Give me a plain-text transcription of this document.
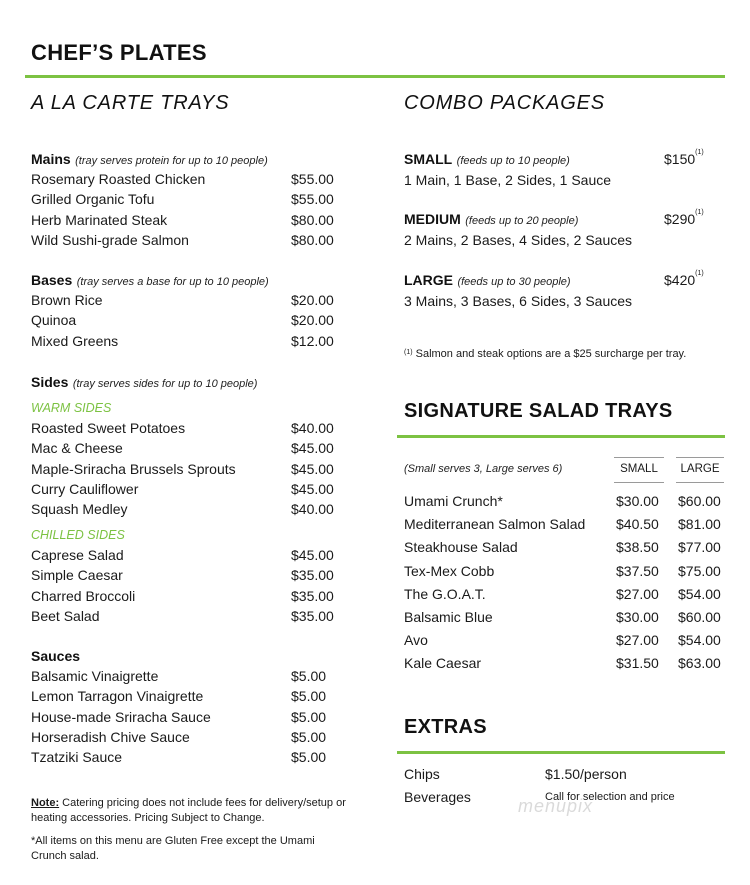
CHEF’S PLATES
A LA CARTE TRAYS
Mains (tray serves protein for up to 10 people)
Rosemary Roasted Chicken	$55.00
Grilled Organic Tofu	$55.00
Herb Marinated Steak	$80.00
Wild Sushi-grade Salmon	$80.00
Bases (tray serves a base for up to 10 people)
Brown Rice	$20.00
Quinoa	$20.00
Mixed Greens	$12.00
Sides (tray serves sides for up to 10 people)
WARM SIDES
Roasted Sweet Potatoes	$40.00
Mac & Cheese	$45.00
Maple-Sriracha Brussels Sprouts	$45.00
Curry Cauliflower	$45.00
Squash Medley	$40.00
CHILLED SIDES
Caprese Salad	$45.00
Simple Caesar	$35.00
Charred Broccoli	$35.00
Beet Salad	$35.00
Sauces
Balsamic Vinaigrette	$5.00
Lemon Tarragon Vinaigrette	$5.00
House-made Sriracha Sauce	$5.00
Horseradish Chive Sauce	$5.00
Tzatziki Sauce	$5.00
Note: Catering pricing does not include fees for delivery/setup or heating accessories. Pricing Subject to Change.
*All items on this menu are Gluten Free except the Umami Crunch salad.
COMBO PACKAGES
SMALL (feeds up to 10 people)	$150$^{(1)}$
1 Main, 1 Base, 2 Sides, 1 Sauce
MEDIUM (feeds up to 20 people)	$290$^{(1)}$
2 Mains, 2 Bases, 4 Sides, 2 Sauces
LARGE (feeds up to 30 people)	$420$^{(1)}$
3 Mains, 3 Bases, 6 Sides, 3 Sauces
$^{(1)}$ Salmon and steak options are a $25 surcharge per tray.
SIGNATURE SALAD TRAYS
(Small serves 3, Large serves 6)	SMALL	LARGE
Umami Crunch*	$30.00 $60.00
Mediterranean Salmon Salad $40.50 $81.00
Steakhouse Salad	$38.50 $77.00
Tex-Mex Cobb	$37.50 $75.00
The G.O.A.T.	$27.00 $54.00
Balsamic Blue	$30.00 $60.00
Avo	$27.00 $54.00
Kale Caesar	$31.50 $63.00
EXTRAS
Chips	$1.50/person
Beverages	Call for selection and price
menupix
